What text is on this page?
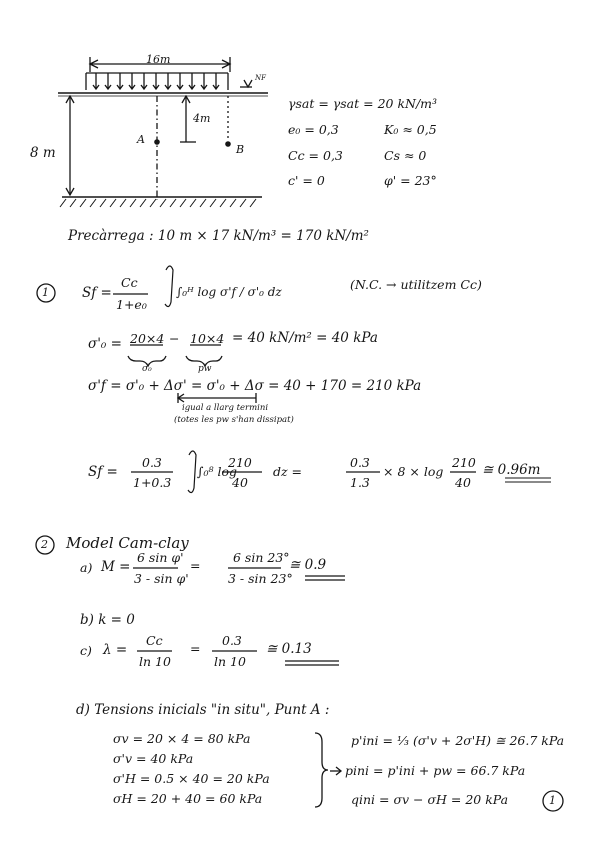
16m
NF
8 m
4m
A
B
γsat = γsat = 20 kN/m³
e₀ = 0,3	K₀ ≈ 0,5
Cc = 0,3	Cs ≈ 0
c' = 0	φ' = 23°
Precàrrega : 10 m × 17 kN/m³ = 170 kN/m²
1 Sf =
Cc
1+e₀
∫₀ᴴ log σ'f / σ'₀ dz	(N.C. → utilitzem Cc)
σ'₀ = 20×4 − 10×4
σ₀	pw
= 40 kN/m² = 40 kPa
σ'f = σ'₀ + Δσ' = σ'₀ + Δσ = 40 + 170 = 210 kPa
igual a llarg termini
(totes les pw s'han dissipat)
Sf =
0.3
1+0.3
∫₀⁸ log
210
40
dz =
0.3
1.3
× 8 × log
210
40
≅ 0.96m
2 Model Cam-clay
a) M =
6 sin φ'
3 - sin φ'
=
6 sin 23°
3 - sin 23°
≅ 0.9
b) k = 0
c) λ =
Cc
ln 10
=
0.3
ln 10
≅ 0.13
d) Tensions inicials "in situ", Punt A :
σv = 20 × 4 = 80 kPa
σ'v = 40 kPa
σ'H = 0.5 × 40 = 20 kPa
σH = 20 + 40 = 60 kPa
p'ini = ⅓ (σ'v + 2σ'H) ≅ 26.7 kPa
pini = p'ini + pw = 66.7 kPa
qini = σv − σH = 20 kPa	1
